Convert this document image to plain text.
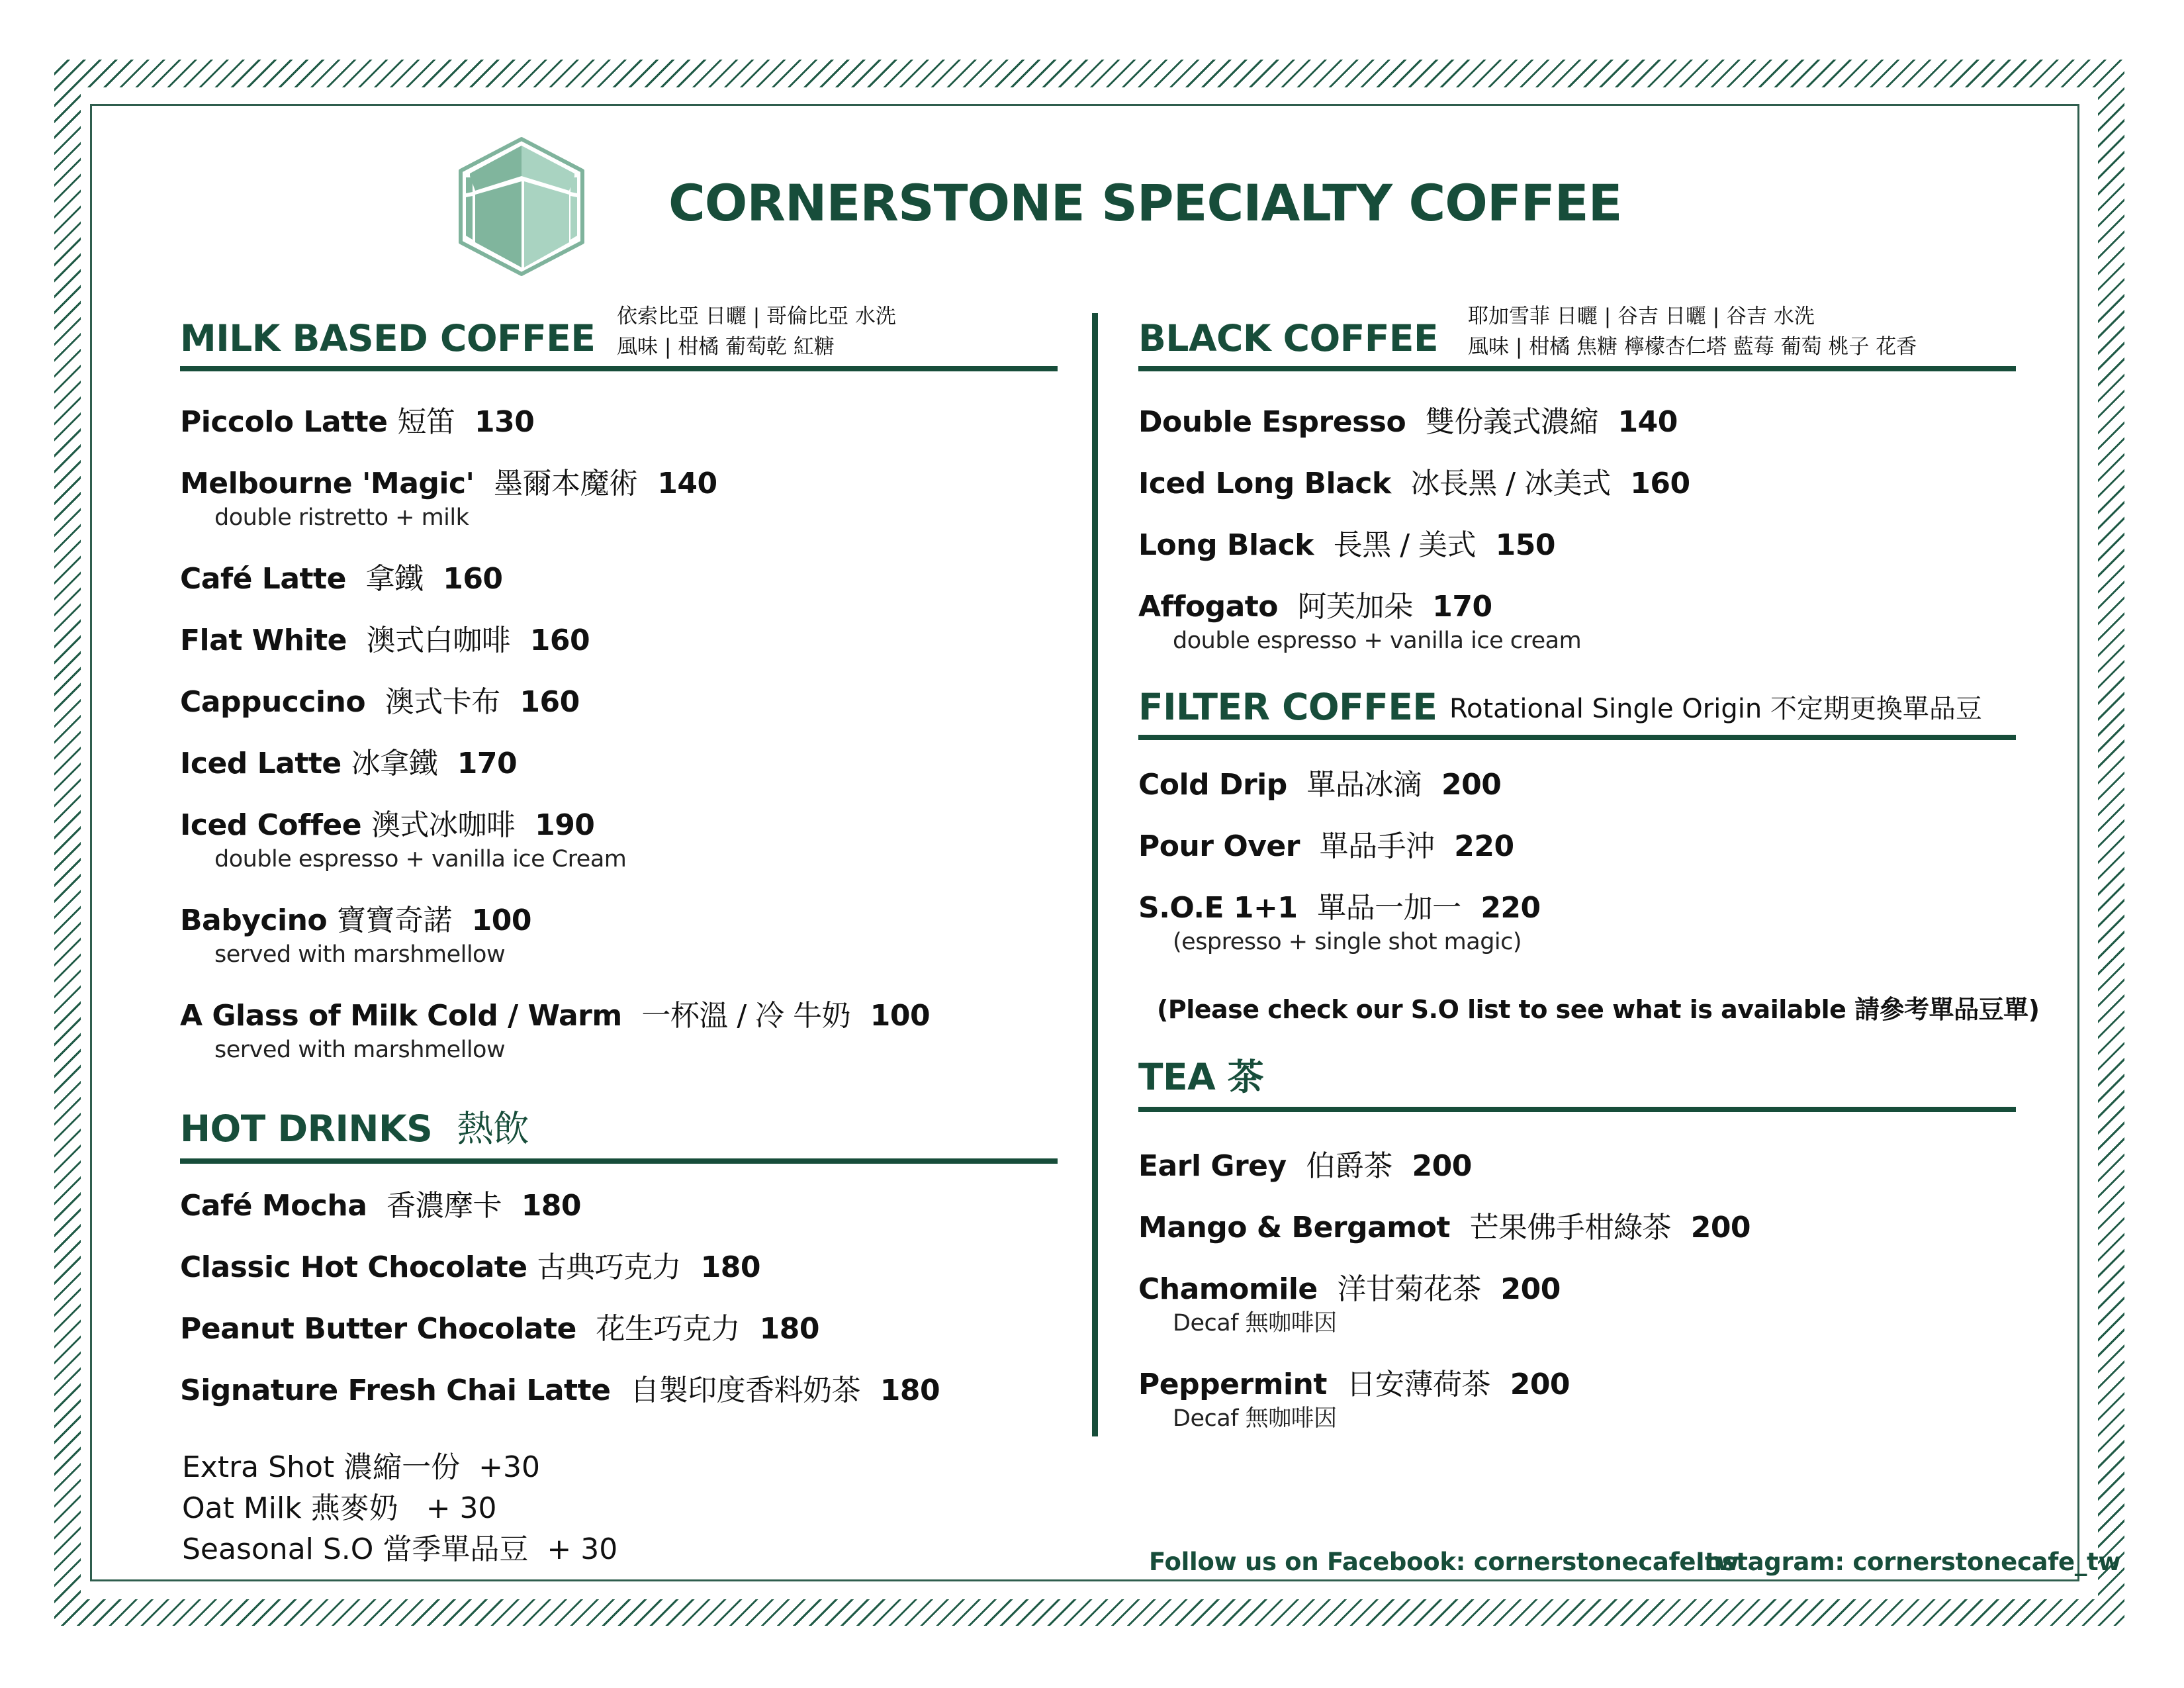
CORNERSTONE SPECIALTY COFFEE
MILK BASED COFFEE
依索比亞 日曬 | 哥倫比亞 水洗
風味 | 柑橘 葡萄乾 紅糖
Piccolo Latte 短笛 130
Melbourne 'Magic' 墨爾本魔術 140
double ristretto + milk
Café Latte 拿鐵 160
Flat White 澳式白咖啡 160
Cappuccino 澳式卡布 160
Iced Latte 冰拿鐵 170
Iced Coffee 澳式冰咖啡 190
double espresso + vanilla ice Cream
Babycino 寶寶奇諾 100
served with marshmellow
A Glass of Milk Cold / Warm 一杯溫 / 冷 牛奶 100
served with marshmellow
HOT DRINKS 熱飲
Café Mocha 香濃摩卡 180
Classic Hot Chocolate 古典巧克力 180
Peanut Butter Chocolate 花生巧克力 180
Signature Fresh Chai Latte 自製印度香料奶茶 180
Extra Shot 濃縮一份 +30
Oat Milk 燕麥奶 + 30
Seasonal S.O 當季單品豆 + 30
BLACK COFFEE
耶加雪菲 日曬 | 谷吉 日曬 | 谷吉 水洗
風味 | 柑橘 焦糖 檸檬杏仁塔 藍莓 葡萄 桃子 花香
Double Espresso 雙份義式濃縮 140
Iced Long Black 冰長黑 / 冰美式 160
Long Black 長黑 / 美式 150
Affogato 阿芙加朵 170
double espresso + vanilla ice cream
FILTER COFFEE Rotational Single Origin 不定期更換單品豆
Cold Drip 單品冰滴 200
Pour Over 單品手沖 220
S.O.E 1+1 單品一加一 220
(espresso + single shot magic)
(Please check our S.O list to see what is available 請參考單品豆單)
TEA 茶
Earl Grey 伯爵茶 200
Mango & Bergamot 芒果佛手柑綠茶 200
Chamomile 洋甘菊花茶 200
Decaf 無咖啡因
Peppermint 日安薄荷茶 200
Decaf 無咖啡因
Follow us on Facebook: cornerstonecafe.tw
Instagram: cornerstonecafe_tw
